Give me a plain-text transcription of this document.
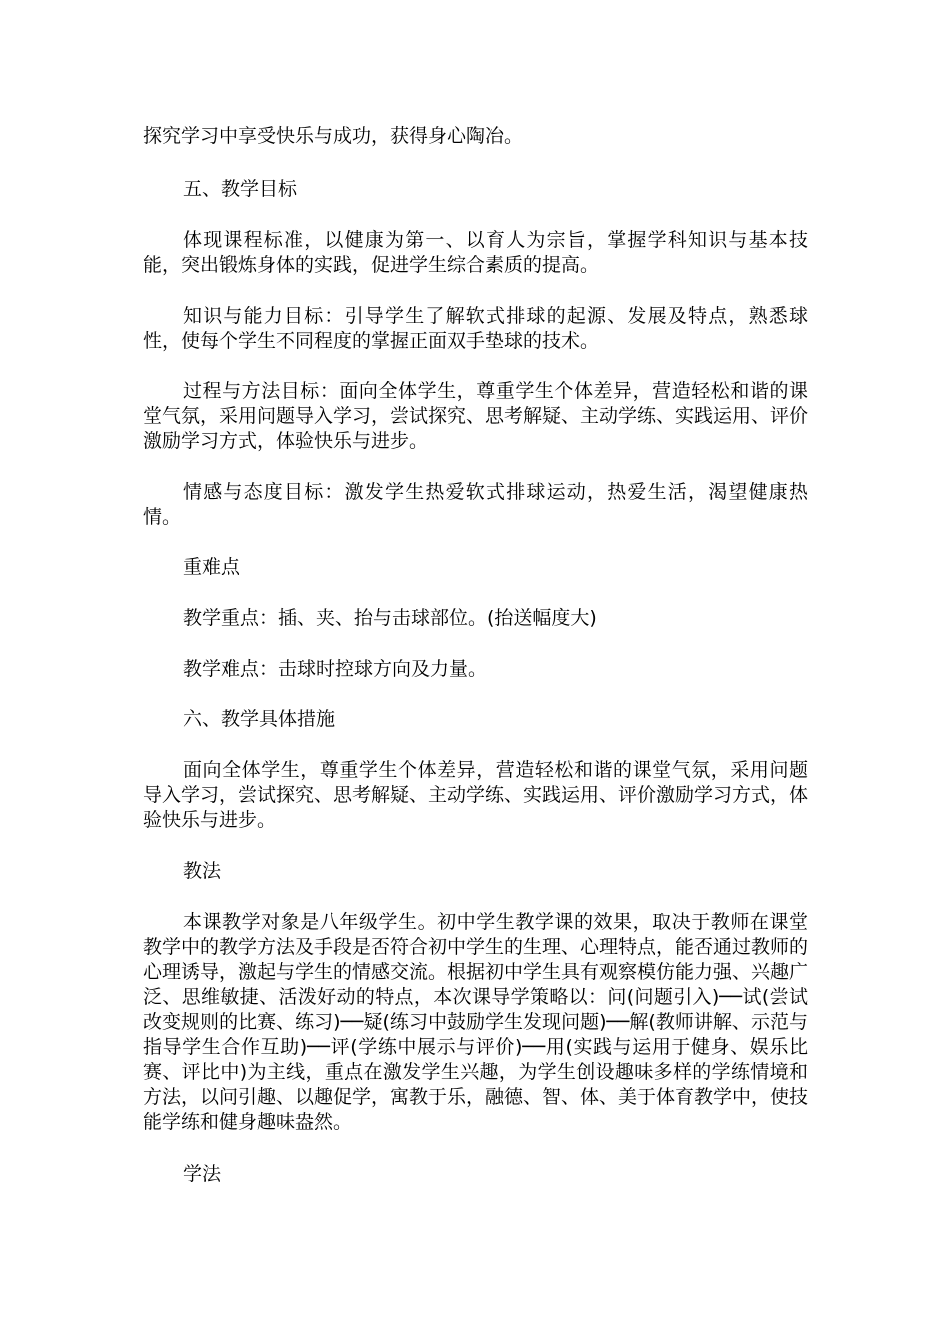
探究学习中享受快乐与成功，获得身心陶冶。
五、教学目标
体现课程标准，以健康为第一、以育人为宗旨，掌握学科知识与基本技能，突出锻炼身体的实践，促进学生综合素质的提高。
知识与能力目标：引导学生了解软式排球的起源、发展及特点，熟悉球性，使每个学生不同程度的掌握正面双手垫球的技术。
过程与方法目标：面向全体学生，尊重学生个体差异，营造轻松和谐的课堂气氛，采用问题导入学习，尝试探究、思考解疑、主动学练、实践运用、评价激励学习方式，体验快乐与进步。
情感与态度目标：激发学生热爱软式排球运动，热爱生活，渴望健康热情。
重难点
教学重点：插、夹、抬与击球部位。(抬送幅度大)
教学难点：击球时控球方向及力量。
六、教学具体措施
面向全体学生，尊重学生个体差异，营造轻松和谐的课堂气氛，采用问题导入学习，尝试探究、思考解疑、主动学练、实践运用、评价激励学习方式，体验快乐与进步。
教法
本课教学对象是八年级学生。初中学生教学课的效果，取决于教师在课堂教学中的教学方法及手段是否符合初中学生的生理、心理特点，能否通过教师的心理诱导，激起与学生的情感交流。根据初中学生具有观察模仿能力强、兴趣广泛、思维敏捷、活泼好动的特点，本次课导学策略以：问(问题引入)──试(尝试改变规则的比赛、练习)──疑(练习中鼓励学生发现问题)──解(教师讲解、示范与指导学生合作互助)──评(学练中展示与评价)──用(实践与运用于健身、娱乐比赛、评比中)为主线，重点在激发学生兴趣，为学生创设趣味多样的学练情境和方法，以问引趣、以趣促学，寓教于乐，融德、智、体、美于体育教学中，使技能学练和健身趣味盎然。
学法
